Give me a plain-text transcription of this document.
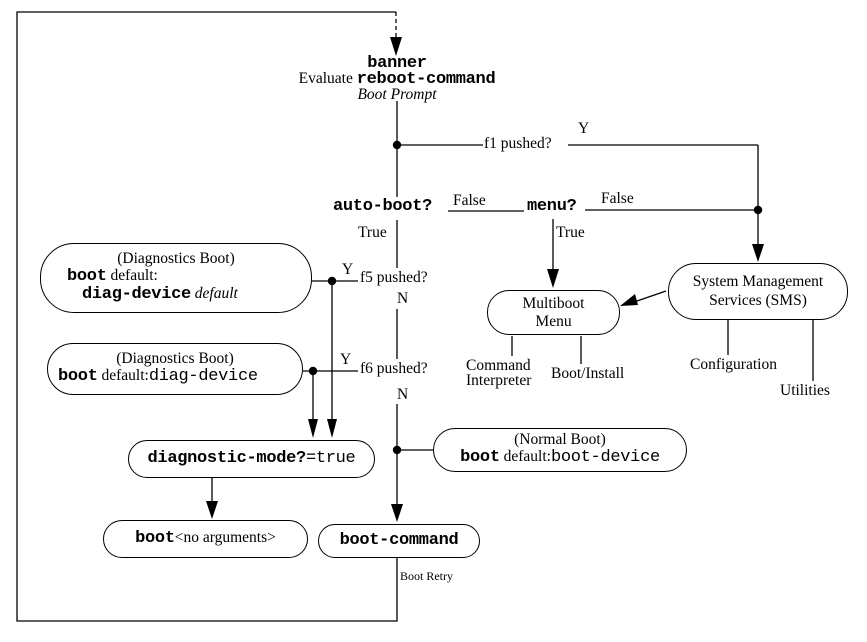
banner
Evaluate reboot-command
Boot Prompt
f1 pushed?
Y
auto-boot? False
True
menu? False
True
f5 pushed?
Y
N
f6 pushed?
Y
N
(Diagnostics Boot)
boot default:
diag-device default
(Diagnostics Boot)
boot default:diag-device
diagnostic-mode?=true
boot<no arguments>	boot-command
(Normal Boot)
boot default:boot-device
Multiboot
Menu
System Management
Services (SMS)
Command
Interpreter Boot/Install
Configuration
Utilities
Boot Retry
